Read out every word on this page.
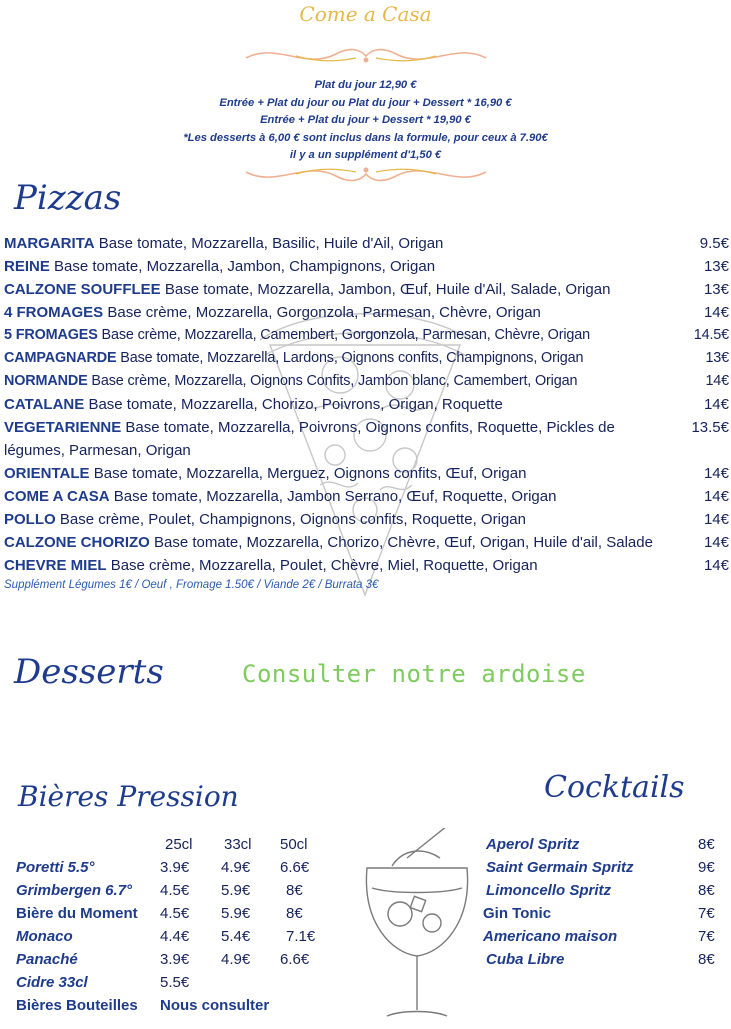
Come a Casa
Plat du jour 12,90 €
Entrée + Plat du jour ou Plat du jour + Dessert * 16,90 €
Entrée + Plat du jour + Dessert * 19,90 €
*Les desserts à 6,00 € sont inclus dans la formule, pour ceux à 7.90€
il y a un supplément d'1,50 €
Pizzas
MARGARITA Base tomate, Mozzarella, Basilic, Huile d'Ail, Origan	9.5€
REINE Base tomate, Mozzarella, Jambon, Champignons, Origan	13€
CALZONE SOUFFLEE Base tomate, Mozzarella, Jambon, Œuf, Huile d'Ail, Salade, Origan	13€
4 FROMAGES Base crème, Mozzarella, Gorgonzola, Parmesan, Chèvre, Origan	14€
5 FROMAGES Base crème, Mozzarella, Camembert, Gorgonzola, Parmesan, Chèvre, Origan	14.5€
CAMPAGNARDE Base tomate, Mozzarella, Lardons, Oignons confits, Champignons, Origan	13€
NORMANDE Base crème, Mozzarella, Oignons Confits, Jambon blanc, Camembert, Origan	14€
CATALANE Base tomate, Mozzarella, Chorizo, Poivrons, Origan, Roquette	14€
VEGETARIENNE Base tomate, Mozzarella, Poivrons, Oignons confits, Roquette, Pickles de légumes, Parmesan, Origan
13.5€
ORIENTALE Base tomate, Mozzarella, Merguez, Oignons confits, Œuf, Origan	14€
COME A CASA Base tomate, Mozzarella, Jambon Serrano, Œuf, Roquette, Origan	14€
POLLO Base crème, Poulet, Champignons, Oignons confits, Roquette, Origan	14€
CALZONE CHORIZO Base tomate, Mozzarella, Chorizo, Chèvre, Œuf, Origan, Huile d'ail, Salade	14€
CHEVRE MIEL Base crème, Mozzarella, Poulet, Chèvre, Miel, Roquette, Origan	14€
Supplément Légumes 1€ / Oeuf , Fromage 1.50€ / Viande 2€ / Burrata 3€
Desserts	Consulter notre ardoise
Bières Pression
25cl 33cl 50cl
Poretti 5.5°	3.9€ 4.9€ 6.6€
Grimbergen 6.7° 4.5€ 5.9€ 8€
Bière du Moment 4.5€ 5.9€ 8€
Monaco	4.4€ 5.4€ 7.1€
Panaché	3.9€ 4.9€ 6.6€
Cidre 33cl	5.5€
Bières Bouteilles Nous consulter
Cocktails
Aperol Spritz	8€
Saint Germain Spritz	9€
Limoncello Spritz	8€
Gin Tonic	7€
Americano maison	7€
Cuba Libre	8€
